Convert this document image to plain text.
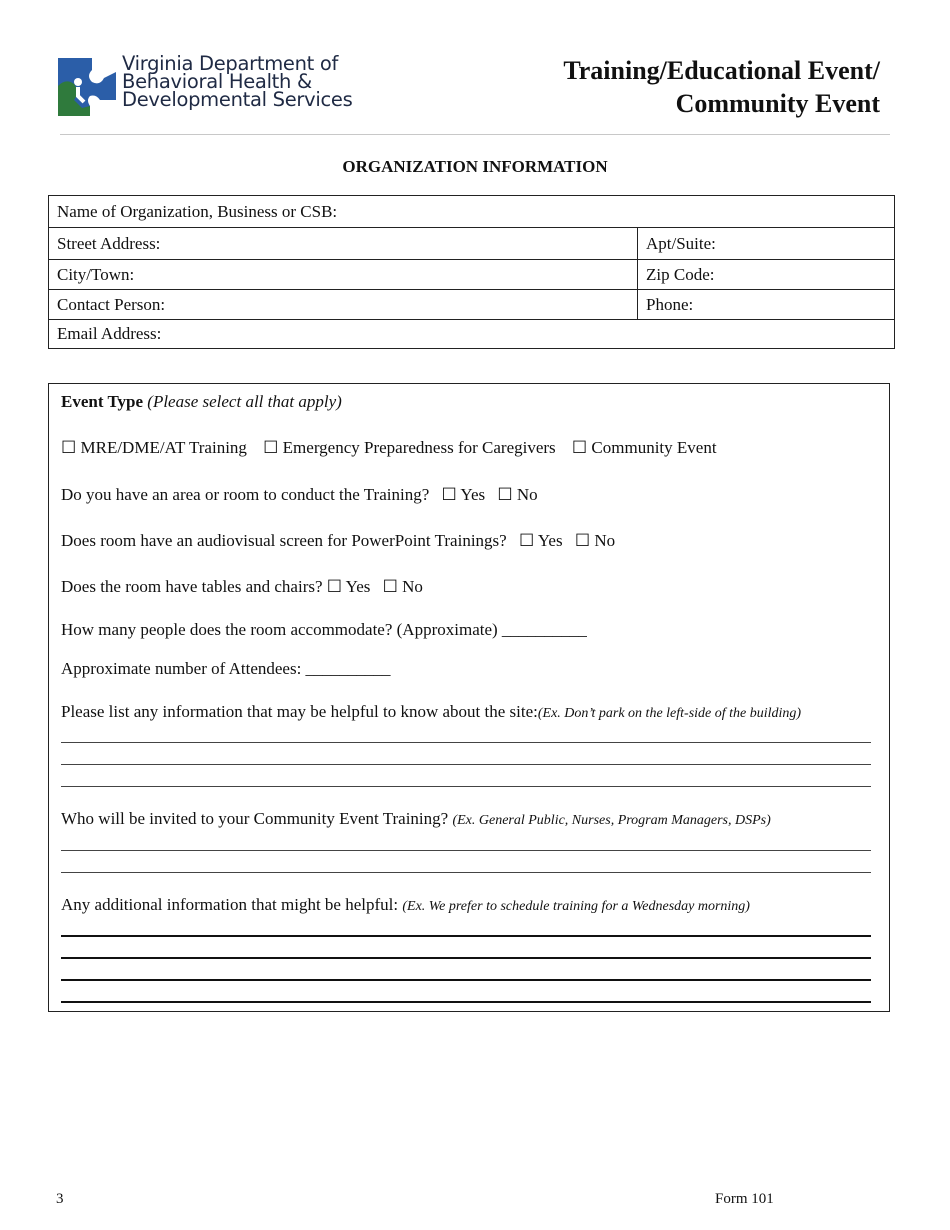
Virginia Department of
Behavioral Health &
Developmental Services
Training/Educational Event/
Community Event
ORGANIZATION INFORMATION
Name of Organization, Business or CSB:	
Street Address:	Apt/Suite:
City/Town:	Zip Code:
Contact Person:	Phone:
Email Address:	
Event Type (Please select all that apply)
☐ MRE/DME/AT Training ☐ Emergency Preparedness for Caregivers ☐ Community Event
Do you have an area or room to conduct the Training? ☐ Yes ☐ No
Does room have an audiovisual screen for PowerPoint Trainings? ☐ Yes ☐ No
Does the room have tables and chairs? ☐ Yes ☐ No
How many people does the room accommodate? (Approximate) __________
Approximate number of Attendees: __________
Please list any information that may be helpful to know about the site:(Ex. Don’t park on the left-side of the building)
Who will be invited to your Community Event Training? (Ex. General Public, Nurses, Program Managers, DSPs)
Any additional information that might be helpful: (Ex. We prefer to schedule training for a Wednesday morning)
3	Form 101
